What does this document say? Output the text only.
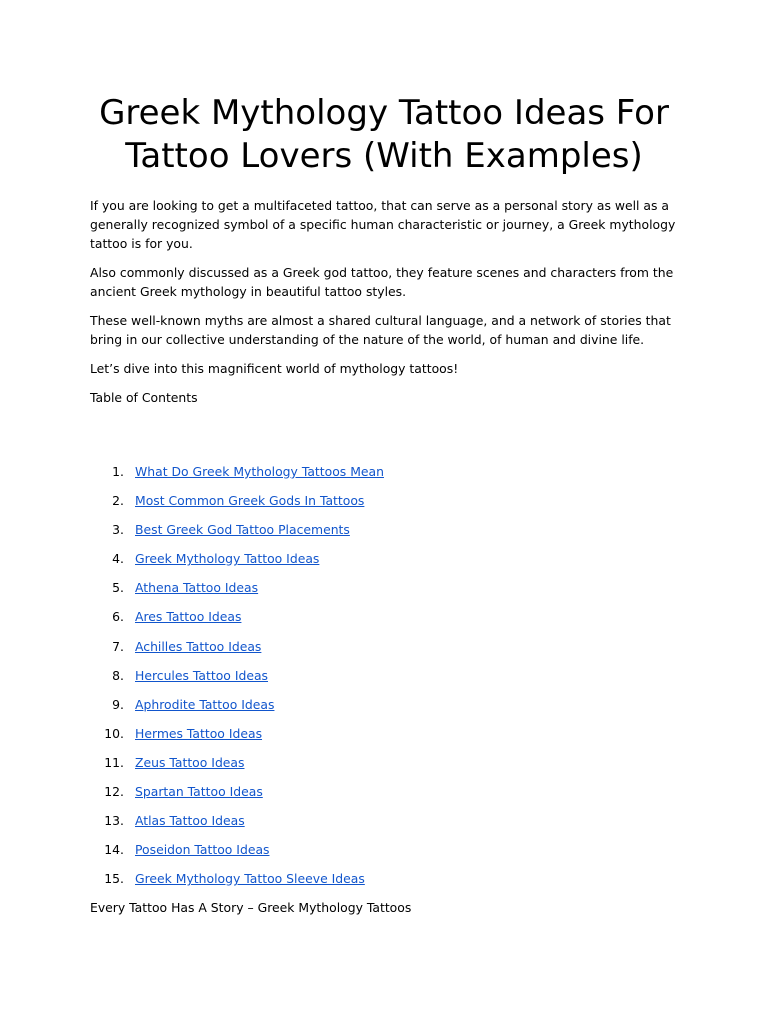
Greek Mythology Tattoo Ideas For Tattoo Lovers (With Examples)

If you are looking to get a multifaceted tattoo, that can serve as a personal story as well as a generally recognized symbol of a specific human characteristic or journey, a Greek mythology tattoo is for you.

Also commonly discussed as a Greek god tattoo, they feature scenes and characters from the ancient Greek mythology in beautiful tattoo styles.

These well-known myths are almost a shared cultural language, and a network of stories that bring in our collective understanding of the nature of the world, of human and divine life.

Let’s dive into this magnificent world of mythology tattoos!

Table of Contents

1. What Do Greek Mythology Tattoos Mean
2. Most Common Greek Gods In Tattoos
3. Best Greek God Tattoo Placements
4. Greek Mythology Tattoo Ideas
5. Athena Tattoo Ideas
6. Ares Tattoo Ideas
7. Achilles Tattoo Ideas
8. Hercules Tattoo Ideas
9. Aphrodite Tattoo Ideas
10. Hermes Tattoo Ideas
11. Zeus Tattoo Ideas
12. Spartan Tattoo Ideas
13. Atlas Tattoo Ideas
14. Poseidon Tattoo Ideas
15. Greek Mythology Tattoo Sleeve Ideas

Every Tattoo Has A Story – Greek Mythology Tattoos
